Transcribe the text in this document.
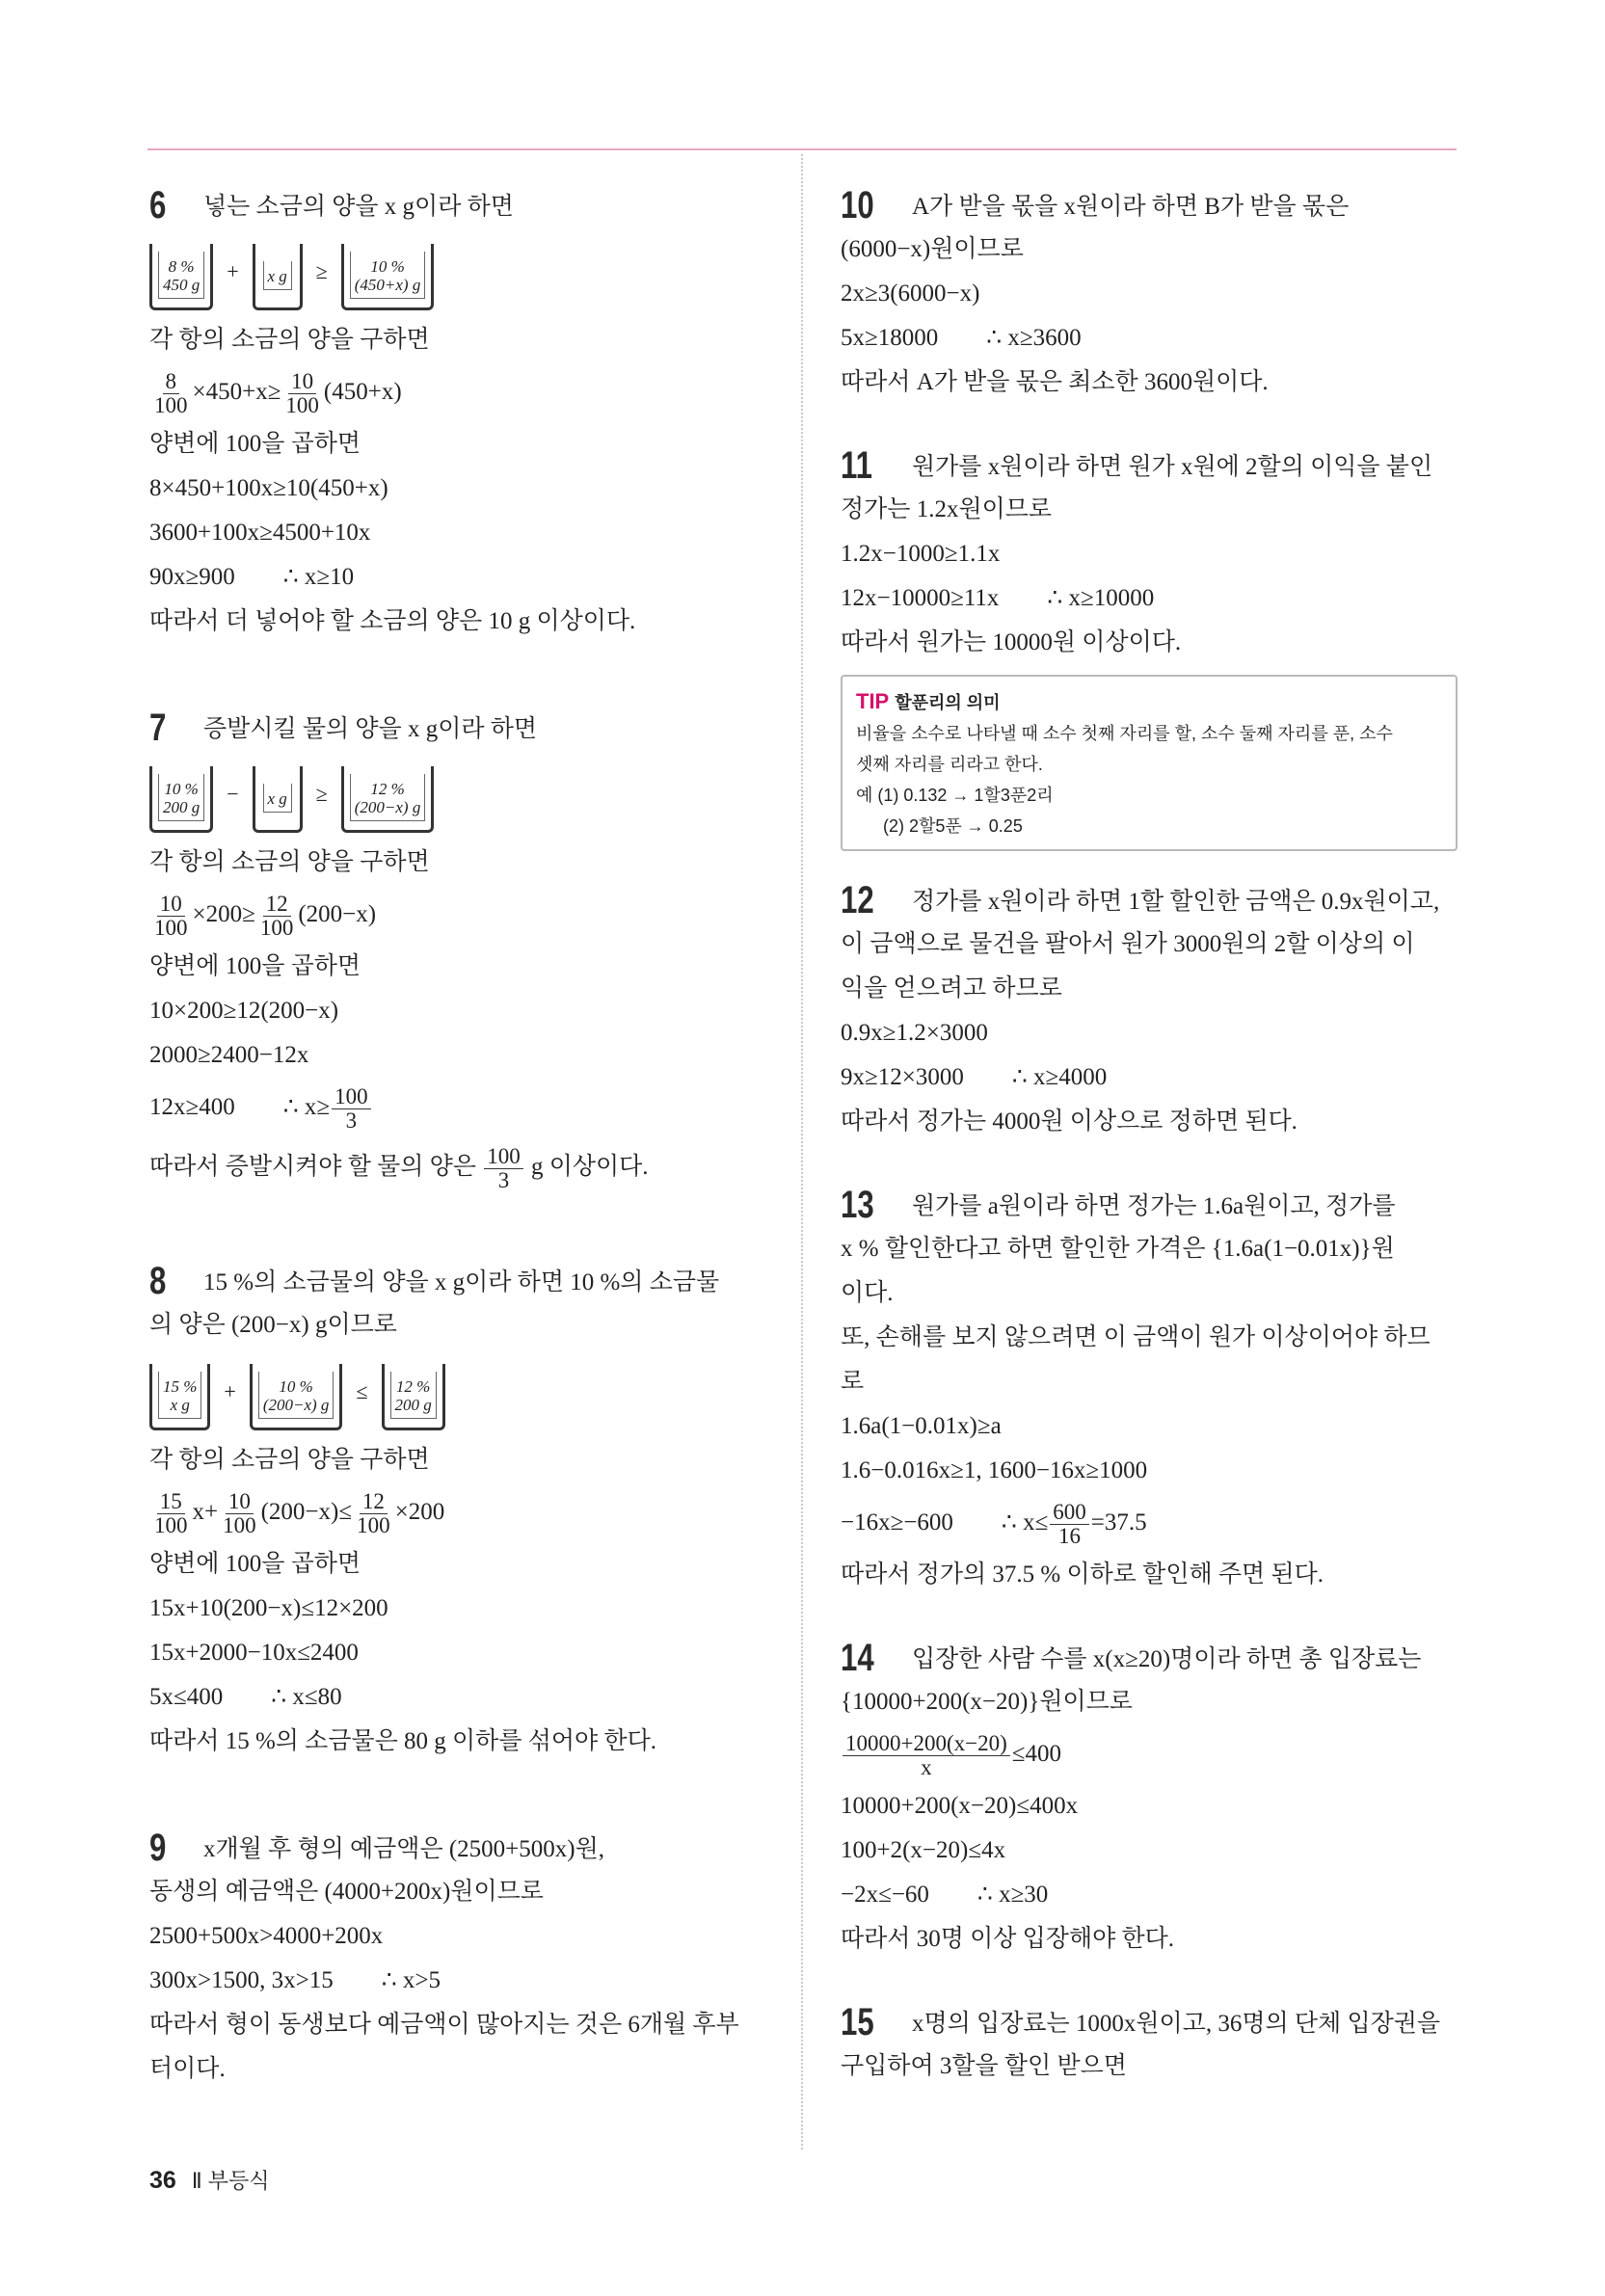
6 넣는 소금의 양을 x g이라 하면
8 %
450 g
+ x g ≥	10 %
(450+x) g
각 항의 소금의 양을 구하면
$\frac{8}{100} \times 450+x\ge \frac{10}{100} (450+x)$
양변에 100을 곱하면
8×450+100x≥10(450+x)
3600+100x≥4500+10x
90x≥900        ∴ x≥10
따라서 더 넣어야 할 소금의 양은 10 g 이상이다.
7 증발시킬 물의 양을 x g이라 하면
10 %
200 g
− x g ≥	12 %
(200−x) g
각 항의 소금의 양을 구하면
$\frac{10}{100} \times 200\ge \frac{12}{100} (200-x)$
양변에 100을 곱하면
10×200≥12(200−x)
2000≥2400−12x
12x≥400        ∴ $x\ge \frac{100}{3}$
따라서 증발시켜야 할 물의 양은 $\frac{100}{3}$ g 이상이다.
8 15 %의 소금물의 양을 x g이라 하면 10 %의 소금물
의 양은 (200−x) g이므로
15 %
x g
+	10 %
(200−x) g
≤ 12 %
200 g
각 항의 소금의 양을 구하면
$\frac{15}{100} x+ \frac{10}{100} (200-x)\le \frac{12}{100} \times 200$
양변에 100을 곱하면
15x+10(200−x)≤12×200
15x+2000−10x≤2400
5x≤400        ∴ x≤80
따라서 15 %의 소금물은 80 g 이하를 섞어야 한다.
9 x개월 후 형의 예금액은 (2500+500x)원,
동생의 예금액은 (4000+200x)원이므로
2500+500x>4000+200x
300x>1500, 3x>15        ∴ x>5
따라서 형이 동생보다 예금액이 많아지는 것은 6개월 후부
터이다.
10 A가 받을 몫을 x원이라 하면 B가 받을 몫은
(6000−x)원이므로
2x≥3(6000−x)
5x≥18000        ∴ x≥3600
따라서 A가 받을 몫은 최소한 3600원이다.
11 원가를 x원이라 하면 원가 x원에 2할의 이익을 붙인
정가는 1.2x원이므로
1.2x−1000≥1.1x
12x−10000≥11x        ∴ x≥10000
따라서 원가는 10000원 이상이다.
TIP 할푼리의 의미
비율을 소수로 나타낼 때 소수 첫째 자리를 할, 소수 둘째 자리를 푼, 소수
셋째 자리를 리라고 한다.
예 (1) 0.132 → 1할3푼2리
(2) 2할5푼 → 0.25
12 정가를 x원이라 하면 1할 할인한 금액은 0.9x원이고,
이 금액으로 물건을 팔아서 원가 3000원의 2할 이상의 이
익을 얻으려고 하므로
0.9x≥1.2×3000
9x≥12×3000        ∴ x≥4000
따라서 정가는 4000원 이상으로 정하면 된다.
13 원가를 a원이라 하면 정가는 1.6a원이고, 정가를
x % 할인한다고 하면 할인한 가격은 {1.6a(1−0.01x)}원
이다.
또, 손해를 보지 않으려면 이 금액이 원가 이상이어야 하므
로
1.6a(1−0.01x)≥a
1.6−0.016x≥1, 1600−16x≥1000
−16x≥−600        ∴ $x\le \frac{600}{16} =37.5$
따라서 정가의 37.5 % 이하로 할인해 주면 된다.
14 입장한 사람 수를 x(x≥20)명이라 하면 총 입장료는
{10000+200(x−20)}원이므로
$\frac{10000+200(x-20)}{x} \le 400$
10000+200(x−20)≤400x
100+2(x−20)≤4x
−2x≤−60        ∴ x≥30
따라서 30명 이상 입장해야 한다.
15 x명의 입장료는 1000x원이고, 36명의 단체 입장권을
구입하여 3할을 할인 받으면
36 Ⅱ 부등식
